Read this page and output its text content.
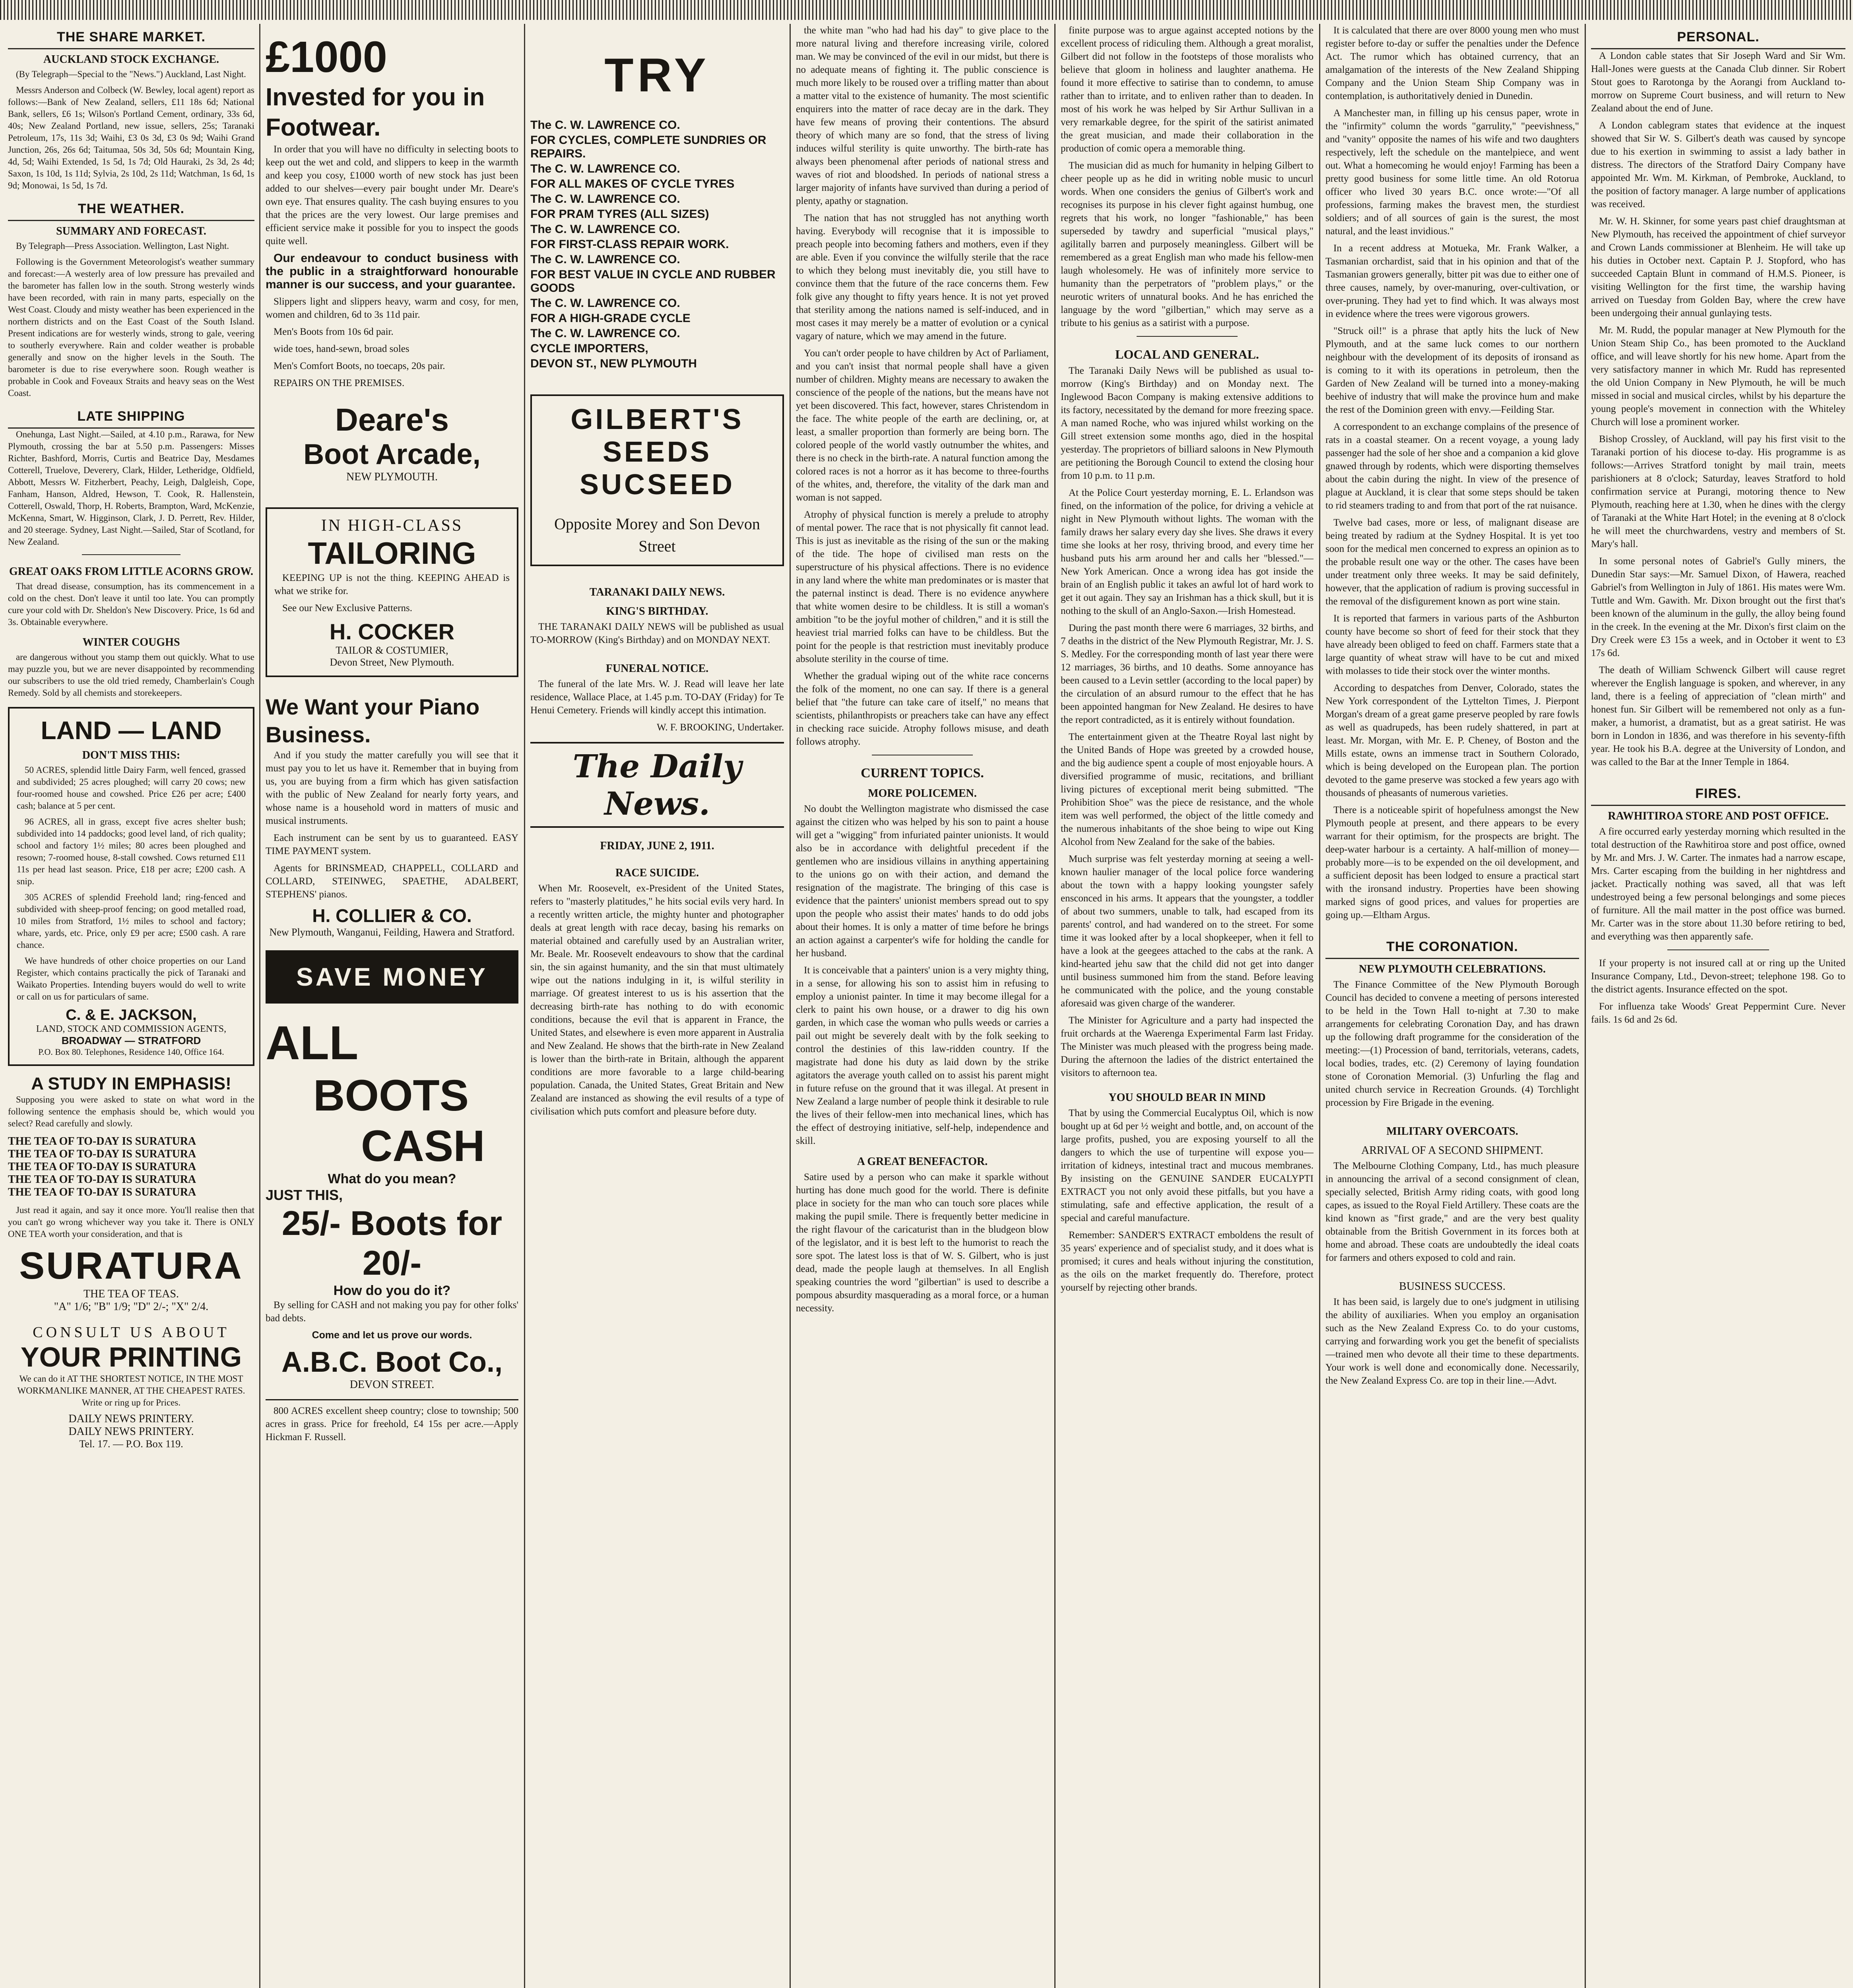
THE SHARE MARKET.
AUCKLAND STOCK EXCHANGE.

(By Telegraph—Special to the "News.") Auckland, Last Night.

Messrs Anderson and Colbeck (W. Bewley, local agent) report as follows:—Bank of New Zealand, sellers, £11 18s 6d; National Bank, sellers, £6 1s; Wilson's Portland Cement, ordinary, 33s 6d, 40s; New Zealand Portland, new issue, sellers, 25s; Taranaki Petroleum, 17s, 11s 3d; Waihi, £3 0s 3d, £3 0s 9d; Waihi Grand Junction, 26s, 26s 6d; Taitumaa, 50s 3d, 50s 6d; Mountain King, 4d, 5d; Waihi Extended, 1s 5d, 1s 7d; Old Hauraki, 2s 3d, 2s 4d; Saxon, 1s 10d, 1s 11d; Sylvia, 2s 10d, 2s 11d; Watchman, 1s 6d, 1s 9d; Monowai, 1s 5d, 1s 7d.

THE WEATHER.
SUMMARY AND FORECAST.

By Telegraph—Press Association. Wellington, Last Night.

Following is the Government Meteorologist's weather summary and forecast:—A westerly area of low pressure has prevailed and the barometer has fallen low in the south. Strong westerly winds have been recorded, with rain in many parts, especially on the West Coast. Cloudy and misty weather has been experienced in the northern districts and on the East Coast of the South Island. Present indications are for westerly winds, strong to gale, veering to southerly everywhere. Rain and colder weather is probable generally and snow on the higher levels in the South. The barometer is due to rise everywhere soon. Rough weather is probable in Cook and Foveaux Straits and heavy seas on the West Coast.

LATE SHIPPING

Onehunga, Last Night.—Sailed, at 4.10 p.m., Rarawa, for New Plymouth, crossing the bar at 5.50 p.m. Passengers: Misses Richter, Bashford, Morris, Curtis and Beatrice Day, Mesdames Cotterell, Truelove, Deverery, Clark, Hilder, Letheridge, Oldfield, Abbott, Messrs W. Fitzherbert, Peachy, Leigh, Dalgleish, Cope, Fanham, Hanson, Aldred, Hewson, T. Cook, R. Hallenstein, Cotterell, Oswald, Thorp, H. Roberts, Brampton, Ward, McKenzie, McKenna, Smart, W. Higginson, Clark, J. D. Perrett, Rev. Hilder, and 20 steerage. Sydney, Last Night.—Sailed, Star of Scotland, for New Zealand.

GREAT OAKS FROM LITTLE ACORNS GROW.

That dread disease, consumption, has its commencement in a cold on the chest. Don't leave it until too late. You can promptly cure your cold with Dr. Sheldon's New Discovery. Price, 1s 6d and 3s. Obtainable everywhere.

WINTER COUGHS

are dangerous without you stamp them out quickly. What to use may puzzle you, but we are never disappointed by recommending our subscribers to use the old tried remedy, Chamberlain's Cough Remedy. Sold by all chemists and storekeepers.

LAND — LAND
DON'T MISS THIS:

50 ACRES, splendid little Dairy Farm, well fenced, grassed and subdivided; 25 acres ploughed; will carry 20 cows; new four-roomed house and cowshed. Price £26 per acre; £400 cash; balance at 5 per cent.

96 ACRES, all in grass, except five acres shelter bush; subdivided into 14 paddocks; good level land, of rich quality; school and factory 1½ miles; 80 acres been ploughed and resown; 7-roomed house, 8-stall cowshed. Cows returned £11 11s per head last season. Price, £18 per acre; £200 cash. A snip.

305 ACRES of splendid Freehold land; ring-fenced and subdivided with sheep-proof fencing; on good metalled road, 10 miles from Stratford, 1½ miles to school and factory; whare, yards, etc. Price, only £9 per acre; £500 cash. A rare chance.

We have hundreds of other choice properties on our Land Register, which contains practically the pick of Taranaki and Waikato Properties. Intending buyers would do well to write or call on us for particulars of same.

C. & E. JACKSON,
LAND, STOCK AND COMMISSION AGENTS,
BROADWAY — STRATFORD
P.O. Box 80. Telephones, Residence 140, Office 164.
A STUDY IN EMPHASIS!

Supposing you were asked to state on what word in the following sentence the emphasis should be, which would you select? Read carefully and slowly.

THE TEA OF TO-DAY IS SURATURA
THE TEA OF TO-DAY IS SURATURA
THE TEA OF TO-DAY IS SURATURA
THE TEA OF TO-DAY IS SURATURA
THE TEA OF TO-DAY IS SURATURA

Just read it again, and say it once more. You'll realise then that you can't go wrong whichever way you take it. There is ONLY ONE TEA worth your consideration, and that is

SURATURA
THE TEA OF TEAS.
"A" 1/6; "B" 1/9; "D" 2/-; "X" 2/4.
CONSULT US ABOUT
YOUR PRINTING

We can do it AT THE SHORTEST NOTICE, IN THE MOST WORKMANLIKE MANNER, AT THE CHEAPEST RATES. Write or ring up for Prices.

DAILY NEWS PRINTERY.
DAILY NEWS PRINTERY.
Tel. 17. — P.O. Box 119.
£1000
Invested for you in Footwear.

In order that you will have no difficulty in selecting boots to keep out the wet and cold, and slippers to keep in the warmth and keep you cosy, £1000 worth of new stock has just been added to our shelves—every pair bought under Mr. Deare's own eye. That ensures quality. The cash buying ensures to you that the prices are the very lowest. Our large premises and efficient service make it possible for you to inspect the goods quite well.

Our endeavour to conduct business with the public in a straightforward honourable manner is our success, and your guarantee.

Slippers light and slippers heavy, warm and cosy, for men, women and children, 6d to 3s 11d pair.

Men's Boots from 10s 6d pair.

wide toes, hand-sewn, broad soles

Men's Comfort Boots, no toecaps, 20s pair.

REPAIRS ON THE PREMISES.

Deare's
Boot Arcade,
NEW PLYMOUTH.
IN HIGH-CLASS
TAILORING

KEEPING UP is not the thing. KEEPING AHEAD is what we strike for.

See our New Exclusive Patterns.

H. COCKER
TAILOR & COSTUMIER,
Devon Street, New Plymouth.
We Want your Piano Business.

And if you study the matter carefully you will see that it must pay you to let us have it. Remember that in buying from us, you are buying from a firm which has given satisfaction with the public of New Zealand for nearly forty years, and whose name is a household word in matters of music and musical instruments.

Each instrument can be sent by us to guaranteed. EASY TIME PAYMENT system.

Agents for BRINSMEAD, CHAPPELL, COLLARD and COLLARD, STEINWEG, SPAETHE, ADALBERT, STEPHENS' pianos.

H. COLLIER & CO.
New Plymouth, Wanganui, Feilding, Hawera and Stratford.
SAVE MONEY
ALL
BOOTS
CASH
What do you mean?
JUST THIS,
25/- Boots for 20/-
How do you do it?

By selling for CASH and not making you pay for other folks' bad debts.

Come and let us prove our words.

A.B.C. Boot Co.,
DEVON STREET.

800 ACRES excellent sheep country; close to township; 500 acres in grass. Price for freehold, £4 15s per acre.—Apply Hickman F. Russell.

TRY
The C. W. LAWRENCE CO.
FOR CYCLES, COMPLETE SUNDRIES OR REPAIRS.
The C. W. LAWRENCE CO.
FOR ALL MAKES OF CYCLE TYRES
The C. W. LAWRENCE CO.
FOR PRAM TYRES (ALL SIZES)
The C. W. LAWRENCE CO.
FOR FIRST-CLASS REPAIR WORK.
The C. W. LAWRENCE CO.
FOR BEST VALUE IN CYCLE AND RUBBER GOODS
The C. W. LAWRENCE CO.
FOR A HIGH-GRADE CYCLE
The C. W. LAWRENCE CO.
CYCLE IMPORTERS,
DEVON ST., NEW PLYMOUTH
GILBERT'S
SEEDS
SUCSEED
Opposite Morey and Son Devon Street
TARANAKI DAILY NEWS.
KING'S BIRTHDAY.

THE TARANAKI DAILY NEWS will be published as usual TO-MORROW (King's Birthday) and on MONDAY NEXT.

FUNERAL NOTICE.

The funeral of the late Mrs. W. J. Read will leave her late residence, Wallace Place, at 1.45 p.m. TO-DAY (Friday) for Te Henui Cemetery. Friends will kindly accept this intimation.

W. F. BROOKING, Undertaker.

The Daily News.
FRIDAY, JUNE 2, 1911.
RACE SUICIDE.

When Mr. Roosevelt, ex-President of the United States, refers to "masterly platitudes," he hits social evils very hard. In a recently written article, the mighty hunter and photographer deals at great length with race decay, basing his remarks on material obtained and carefully used by an Australian writer, Mr. Beale. Mr. Roosevelt endeavours to show that the cardinal sin, the sin against humanity, and the sin that must ultimately wipe out the nations indulging in it, is wilful sterility in marriage. Of greatest interest to us is his assertion that the decreasing birth-rate has nothing to do with economic conditions, because the evil that is apparent in France, the United States, and elsewhere is even more apparent in Australia and New Zealand. He shows that the birth-rate in New Zealand is lower than the birth-rate in Britain, although the apparent conditions are more favorable to a large child-bearing population. Canada, the United States, Great Britain and New Zealand are instanced as showing the evil results of a type of civilisation which puts comfort and pleasure before duty.

the white man "who had had his day" to give place to the more natural living and therefore increasing virile, colored man. We may be convinced of the evil in our midst, but there is no adequate means of fighting it. The public conscience is much more likely to be roused over a trifling matter than about a matter vital to the existence of humanity. The most scientific enquirers into the matter of race decay are in the dark. They have few means of proving their contentions. The absurd theory of which many are so fond, that the stress of living induces wilful sterility is quite unworthy. The birth-rate has always been phenomenal after periods of national stress and waves of riot and bloodshed. In periods of national stress a larger majority of infants have survived than during a period of plenty, apathy or stagnation.

The nation that has not struggled has not anything worth having. Everybody will recognise that it is impossible to preach people into becoming fathers and mothers, even if they are able. Even if you convince the wilfully sterile that the race to which they belong must inevitably die, you still have to convince them that the future of the race concerns them. Few folk give any thought to fifty years hence. It is not yet proved that sterility among the nations named is self-induced, and in most cases it may merely be a matter of evolution or a cynical vagary of nature, which we may amend in the future.

You can't order people to have children by Act of Parliament, and you can't insist that normal people shall have a given number of children. Mighty means are necessary to awaken the conscience of the people of the nations, but the means have not yet been discovered. This fact, however, stares Christendom in the face. The white people of the earth are declining, or, at least, a smaller proportion than formerly are being born. The colored people of the world vastly outnumber the whites, and there is no check in the birth-rate. A natural function among the colored races is not a horror as it has become to three-fourths of the whites, and, therefore, the vitality of the dark man and woman is not sapped.

Atrophy of physical function is merely a prelude to atrophy of mental power. The race that is not physically fit cannot lead. This is just as inevitable as the rising of the sun or the making of the tide. The hope of civilised man rests on the superstructure of his physical affections. There is no evidence in any land where the white man predominates or is master that the paternal instinct is dead. There is no evidence anywhere that white women desire to be childless. It is still a woman's ambition "to be the joyful mother of children," and it is still the heaviest trial married folks can have to be childless. But the point for the people is that restriction must inevitably produce absolute sterility in the course of time.

Whether the gradual wiping out of the white race concerns the folk of the moment, no one can say. If there is a general belief that "the future can take care of itself," no means that scientists, philanthropists or preachers take can have any effect in checking race suicide. Atrophy follows misuse, and death follows atrophy.

CURRENT TOPICS.
MORE POLICEMEN.

No doubt the Wellington magistrate who dismissed the case against the citizen who was helped by his son to paint a house will get a "wigging" from infuriated painter unionists. It would also be in accordance with delightful precedent if the gentlemen who are insidious villains in anything appertaining to the unions go on with their action, and demand the resignation of the magistrate. The bringing of this case is evidence that the painters' unionist members spread out to spy upon the people who assist their mates' hands to do odd jobs about their homes. It is only a matter of time before he brings an action against a carpenter's wife for holding the candle for her husband.

It is conceivable that a painters' union is a very mighty thing, in a sense, for allowing his son to assist him in refusing to employ a unionist painter. In time it may become illegal for a clerk to paint his own house, or a drawer to dig his own garden, in which case the woman who pulls weeds or carries a pail out might be severely dealt with by the folk seeking to control the destinies of this law-ridden country. If the magistrate had done his duty as laid down by the strike agitators the average youth called on to assist his parent might in future refuse on the ground that it was illegal. At present in New Zealand a large number of people think it desirable to rule the lives of their fellow-men into mechanical lines, which has the effect of destroying initiative, self-help, independence and skill.

A GREAT BENEFACTOR.

Satire used by a person who can make it sparkle without hurting has done much good for the world. There is definite place in society for the man who can touch sore places while making the pupil smile. There is frequently better medicine in the right flavour of the caricaturist than in the bludgeon blow of the legislator, and it is best left to the humorist to reach the sore spot. The latest loss is that of W. S. Gilbert, who is just dead, made the people laugh at themselves. In all English speaking countries the word "gilbertian" is used to describe a pompous absurdity masquerading as a moral force, or a human necessity.

finite purpose was to argue against accepted notions by the excellent process of ridiculing them. Although a great moralist, Gilbert did not follow in the footsteps of those moralists who believe that gloom in holiness and laughter anathema. He found it more effective to satirise than to condemn, to amuse rather than to irritate, and to enliven rather than to deaden. In most of his work he was helped by Sir Arthur Sullivan in a very remarkable degree, for the spirit of the satirist animated the great musician, and made their collaboration in the production of comic opera a memorable thing.

The musician did as much for humanity in helping Gilbert to cheer people up as he did in writing noble music to uncurl words. When one considers the genius of Gilbert's work and recognises its purpose in his clever fight against humbug, one regrets that his work, no longer "fashionable," has been superseded by tawdry and superficial "musical plays," agilitally barren and purposely meaningless. Gilbert will be remembered as a great English man who made his fellow-men laugh wholesomely. He was of infinitely more service to humanity than the perpetrators of "problem plays," or the neurotic writers of unnatural books. And he has enriched the language by the word "gilbertian," which may serve as a tribute to his genius as a satirist with a purpose.

LOCAL AND GENERAL.

The Taranaki Daily News will be published as usual to-morrow (King's Birthday) and on Monday next. The Inglewood Bacon Company is making extensive additions to its factory, necessitated by the demand for more freezing space. A man named Roche, who was injured whilst working on the Gill street extension some months ago, died in the hospital yesterday. The proprietors of billiard saloons in New Plymouth are petitioning the Borough Council to extend the closing hour from 10 p.m. to 11 p.m.

At the Police Court yesterday morning, E. L. Erlandson was fined, on the information of the police, for driving a vehicle at night in New Plymouth without lights. The woman with the family draws her salary every day she lives. She draws it every time she looks at her rosy, thriving brood, and every time her husband puts his arm around her and calls her "blessed."—New York American. Once a wrong idea has got inside the brain of an English public it takes an awful lot of hard work to get it out again. They say an Irishman has a thick skull, but it is nothing to the skull of an Anglo-Saxon.—Irish Homestead.

During the past month there were 6 marriages, 32 births, and 7 deaths in the district of the New Plymouth Registrar, Mr. J. S. S. Medley. For the corresponding month of last year there were 12 marriages, 36 births, and 10 deaths. Some annoyance has been caused to a Levin settler (according to the local paper) by the circulation of an absurd rumour to the effect that he has been appointed hangman for New Zealand. He desires to have the report contradicted, as it is entirely without foundation.

The entertainment given at the Theatre Royal last night by the United Bands of Hope was greeted by a crowded house, and the big audience spent a couple of most enjoyable hours. A diversified programme of music, recitations, and brilliant living pictures of exceptional merit being submitted. "The Prohibition Shoe" was the piece de resistance, and the whole item was well performed, the object of the little comedy and the numerous inhabitants of the shoe being to wipe out King Alcohol from New Zealand for the sake of the babies.

Much surprise was felt yesterday morning at seeing a well-known haulier manager of the local police force wandering about the town with a happy looking youngster safely ensconced in his arms. It appears that the youngster, a toddler of about two summers, unable to talk, had escaped from its parents' control, and had wandered on to the street. For some time it was looked after by a local shopkeeper, when it fell to have a look at the geegees attached to the cabs at the rank. A kind-hearted jehu saw that the child did not get into danger until business summoned him from the stand. Before leaving he communicated with the police, and the young constable aforesaid was given charge of the wanderer.

The Minister for Agriculture and a party had inspected the fruit orchards at the Waerenga Experimental Farm last Friday. The Minister was much pleased with the progress being made. During the afternoon the ladies of the district entertained the visitors to afternoon tea.

YOU SHOULD BEAR IN MIND

That by using the Commercial Eucalyptus Oil, which is now bought up at 6d per ½ weight and bottle, and, on account of the large profits, pushed, you are exposing yourself to all the dangers to which the use of turpentine will expose you—irritation of kidneys, intestinal tract and mucous membranes. By insisting on the GENUINE SANDER EUCALYPTI EXTRACT you not only avoid these pitfalls, but you have a stimulating, safe and effective application, the result of a special and careful manufacture.

Remember: SANDER'S EXTRACT emboldens the result of 35 years' experience and of specialist study, and it does what is promised; it cures and heals without injuring the constitution, as the oils on the market frequently do. Therefore, protect yourself by rejecting other brands.

It is calculated that there are over 8000 young men who must register before to-day or suffer the penalties under the Defence Act. The rumor which has obtained currency, that an amalgamation of the interests of the New Zealand Shipping Company and the Union Steam Ship Company was in contemplation, is authoritatively denied in Dunedin.

A Manchester man, in filling up his census paper, wrote in the "infirmity" column the words "garrulity," "peevishness," and "vanity" opposite the names of his wife and two daughters respectively, left the schedule on the mantelpiece, and went out. What a homecoming he would enjoy! Farming has been a pretty good business for some little time. An old Rotorua officer who lived 30 years B.C. once wrote:—"Of all professions, farming makes the bravest men, the sturdiest soldiers; and of all sources of gain is the surest, the most natural, and the least invidious."

In a recent address at Motueka, Mr. Frank Walker, a Tasmanian orchardist, said that in his opinion and that of the Tasmanian growers generally, bitter pit was due to either one of three causes, namely, by over-manuring, over-cultivation, or over-pruning. They had yet to find which. It was always most in evidence where the trees were vigorous growers.

"Struck oil!" is a phrase that aptly hits the luck of New Plymouth, and at the same luck comes to our northern neighbour with the development of its deposits of ironsand as is coming to it with its operations in petroleum, then the Garden of New Zealand will be turned into a money-making beehive of industry that will make the province hum and make the rest of the Dominion green with envy.—Feilding Star.

A correspondent to an exchange complains of the presence of rats in a coastal steamer. On a recent voyage, a young lady passenger had the sole of her shoe and a companion a kid glove gnawed through by rodents, which were disporting themselves about the cabin during the night. In view of the presence of plague at Auckland, it is clear that some steps should be taken to rid steamers trading to and from that port of the rat nuisance.

Twelve bad cases, more or less, of malignant disease are being treated by radium at the Sydney Hospital. It is yet too soon for the medical men concerned to express an opinion as to the probable result one way or the other. The cases have been under treatment only three weeks. It may be said definitely, however, that the application of radium is proving successful in the removal of the disfigurement known as port wine stain.

It is reported that farmers in various parts of the Ashburton county have become so short of feed for their stock that they have already been obliged to feed on chaff. Farmers state that a large quantity of wheat straw will have to be cut and mixed with molasses to tide their stock over the winter months.

According to despatches from Denver, Colorado, states the New York correspondent of the Lyttelton Times, J. Pierpont Morgan's dream of a great game preserve peopled by rare fowls as well as quadrupeds, has been rudely shattered, in part at least. Mr. Morgan, with Mr. E. P. Cheney, of Boston and the Mills estate, owns an immense tract in Southern Colorado, which is being developed on the European plan. The portion devoted to the game preserve was stocked a few years ago with thousands of pheasants of numerous varieties.

There is a noticeable spirit of hopefulness amongst the New Plymouth people at present, and there appears to be every warrant for their optimism, for the prospects are bright. The deep-water harbour is a certainty. A half-million of money—probably more—is to be expended on the oil development, and a sufficient deposit has been lodged to ensure a practical start with the ironsand industry. Properties have been showing marked signs of good prices, and values for properties are going up.—Eltham Argus.

THE CORONATION.
NEW PLYMOUTH CELEBRATIONS.

The Finance Committee of the New Plymouth Borough Council has decided to convene a meeting of persons interested to be held in the Town Hall to-night at 7.30 to make arrangements for celebrating Coronation Day, and has drawn up the following draft programme for the consideration of the meeting:—(1) Procession of band, territorials, veterans, cadets, local bodies, trades, etc. (2) Ceremony of laying foundation stone of Coronation Memorial. (3) Unfurling the flag and united church service in Recreation Grounds. (4) Torchlight procession by Fire Brigade in the evening.

MILITARY OVERCOATS.
ARRIVAL OF A SECOND SHIPMENT.

The Melbourne Clothing Company, Ltd., has much pleasure in announcing the arrival of a second consignment of clean, specially selected, British Army riding coats, with good long capes, as issued to the Royal Field Artillery. These coats are the kind known as "first grade," and are the very best quality obtainable from the British Government in its forces both at home and abroad. These coats are undoubtedly the ideal coats for farmers and others exposed to cold and rain.

BUSINESS SUCCESS.

It has been said, is largely due to one's judgment in utilising the ability of auxiliaries. When you employ an organisation such as the New Zealand Express Co. to do your customs, carrying and forwarding work you get the benefit of specialists—trained men who devote all their time to these departments. Your work is well done and economically done. Necessarily, the New Zealand Express Co. are top in their line.—Advt.

PERSONAL.

A London cable states that Sir Joseph Ward and Sir Wm. Hall-Jones were guests at the Canada Club dinner. Sir Robert Stout goes to Rarotonga by the Aorangi from Auckland to-morrow on Supreme Court business, and will return to New Zealand about the end of June.

A London cablegram states that evidence at the inquest showed that Sir W. S. Gilbert's death was caused by syncope due to his exertion in swimming to assist a lady bather in distress. The directors of the Stratford Dairy Company have appointed Mr. Wm. M. Kirkman, of Pembroke, Auckland, to the position of factory manager. A large number of applications was received.

Mr. W. H. Skinner, for some years past chief draughtsman at New Plymouth, has received the appointment of chief surveyor and Crown Lands commissioner at Blenheim. He will take up his duties in October next. Captain P. J. Stopford, who has succeeded Captain Blunt in command of H.M.S. Pioneer, is visiting Wellington for the first time, the warship having arrived on Tuesday from Golden Bay, where the crew have been undergoing their annual gunlaying tests.

Mr. M. Rudd, the popular manager at New Plymouth for the Union Steam Ship Co., has been promoted to the Auckland office, and will leave shortly for his new home. Apart from the very satisfactory manner in which Mr. Rudd has represented the old Union Company in New Plymouth, he will be much missed in social and musical circles, whilst by his departure the young people's movement in connection with the Whiteley Church will lose a prominent worker.

Bishop Crossley, of Auckland, will pay his first visit to the Taranaki portion of his diocese to-day. His programme is as follows:—Arrives Stratford tonight by mail train, meets parishioners at 8 o'clock; Saturday, leaves Stratford to hold confirmation service at Purangi, motoring thence to New Plymouth, reaching here at 1.30, when he dines with the clergy of Taranaki at the White Hart Hotel; in the evening at 8 o'clock he will meet the churchwardens, vestry and members of St. Mary's hall.

In some personal notes of Gabriel's Gully miners, the Dunedin Star says:—Mr. Samuel Dixon, of Hawera, reached Gabriel's from Wellington in July of 1861. His mates were Wm. Tuttle and Wm. Gawith. Mr. Dixon brought out the first that's been known of the aluminum in the gully, the alloy being found in the creek. In the evening at the Mr. Dixon's first claim on the Dry Creek were £3 15s a week, and in October it went to £3 17s 6d.

The death of William Schwenck Gilbert will cause regret wherever the English language is spoken, and wherever, in any land, there is a feeling of appreciation of "clean mirth" and honest fun. Sir Gilbert will be remembered not only as a fun-maker, a humorist, a dramatist, but as a great satirist. He was born in London in 1836, and was therefore in his seventy-fifth year. He took his B.A. degree at the University of London, and was called to the Bar at the Inner Temple in 1864.

FIRES.
RAWHITIROA STORE AND POST OFFICE.

A fire occurred early yesterday morning which resulted in the total destruction of the Rawhitiroa store and post office, owned by Mr. and Mrs. J. W. Carter. The inmates had a narrow escape, Mrs. Carter escaping from the building in her nightdress and jacket. Practically nothing was saved, all that was left undestroyed being a few personal belongings and some pieces of furniture. All the mail matter in the post office was burned. Mr. Carter was in the store about 11.30 before retiring to bed, and everything was then apparently safe.

If your property is not insured call at or ring up the United Insurance Company, Ltd., Devon-street; telephone 198. Go to the district agents. Insurance effected on the spot.

For influenza take Woods' Great Peppermint Cure. Never fails. 1s 6d and 2s 6d.
